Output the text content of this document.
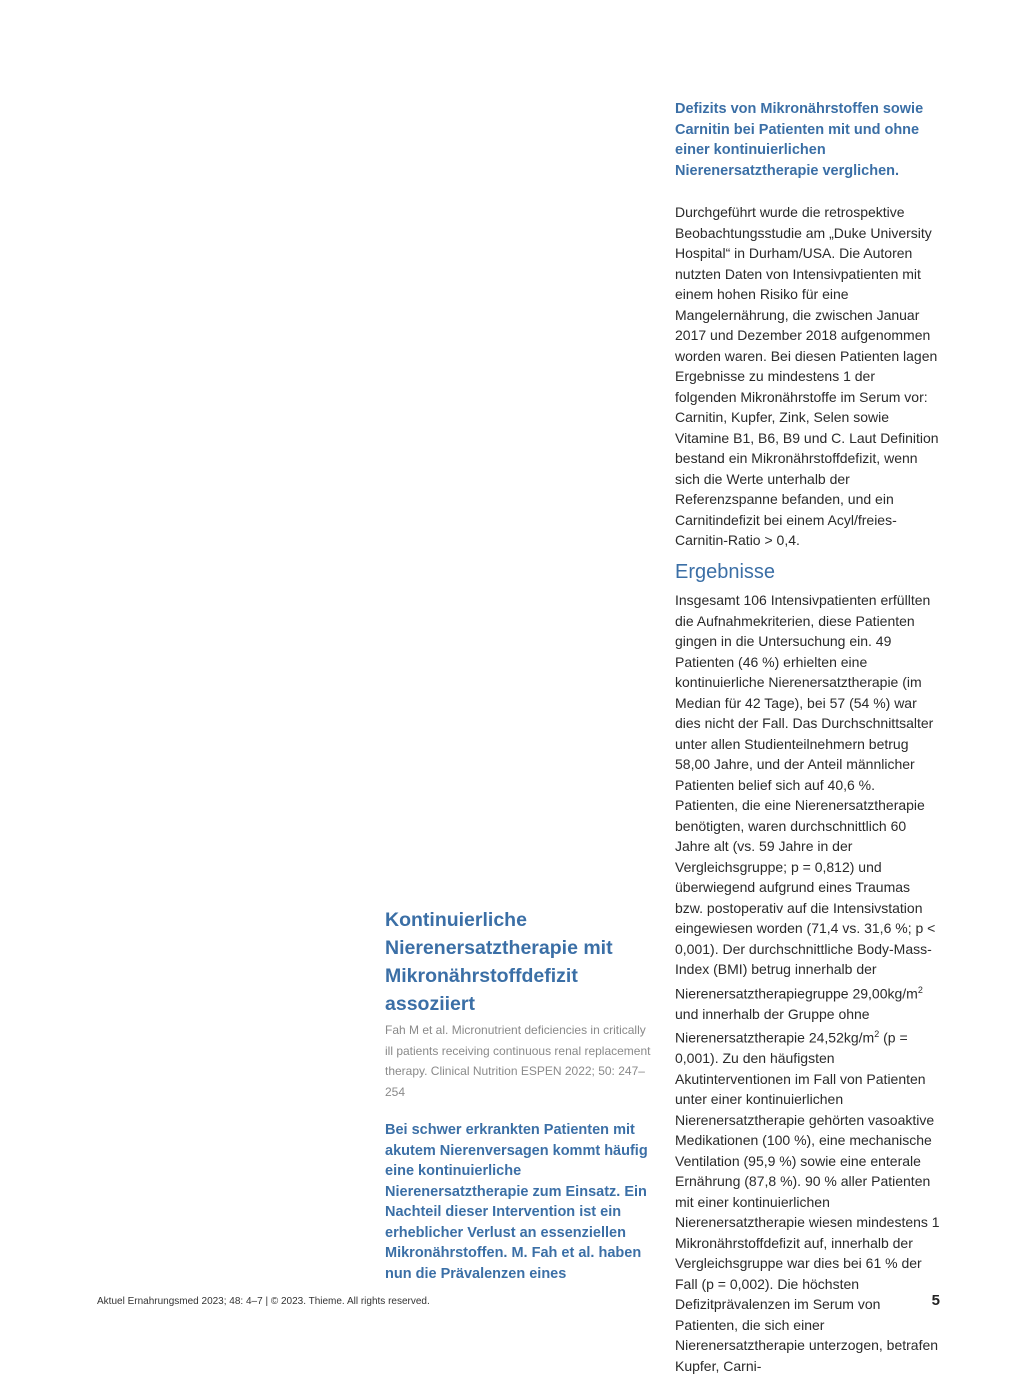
Kontinuierliche Nierenersatztherapie mit Mikronährstoffdefizit assoziiert
Fah M et al. Micronutrient deficiencies in critically ill patients receiving continuous renal replacement therapy. Clinical Nutrition ESPEN 2022; 50: 247–254
Bei schwer erkrankten Patienten mit akutem Nierenversagen kommt häufig eine kontinuierliche Nierenersatztherapie zum Einsatz. Ein Nachteil dieser Intervention ist ein erheblicher Verlust an essenziellen Mikronährstoffen. M. Fah et al. haben nun die Prävalenzen eines
Defizits von Mikronährstoffen sowie Carnitin bei Patienten mit und ohne einer kontinuierlichen Nierenersatztherapie verglichen.
Durchgeführt wurde die retrospektive Beobachtungsstudie am „Duke University Hospital“ in Durham/USA. Die Autoren nutzten Daten von Intensivpatienten mit einem hohen Risiko für eine Mangelernährung, die zwischen Januar 2017 und Dezember 2018 aufgenommen worden waren. Bei diesen Patienten lagen Ergebnisse zu mindestens 1 der folgenden Mikronährstoffe im Serum vor: Carnitin, Kupfer, Zink, Selen sowie Vitamine B1, B6, B9 und C. Laut Definition bestand ein Mikronährstoffdefizit, wenn sich die Werte unterhalb der Referenzspanne befanden, und ein Carnitindefizit bei einem Acyl/freies-Carnitin-Ratio > 0,4.
Ergebnisse
Insgesamt 106 Intensivpatienten erfüllten die Aufnahmekriterien, diese Patienten gingen in die Untersuchung ein. 49 Patienten (46 %) erhielten eine kontinuierliche Nierenersatztherapie (im Median für 42 Tage), bei 57 (54 %) war dies nicht der Fall. Das Durchschnittsalter unter allen Studienteilnehmern betrug 58,00 Jahre, und der Anteil männlicher Patienten belief sich auf 40,6 %. Patienten, die eine Nierenersatztherapie benötigten, waren durchschnittlich 60 Jahre alt (vs. 59 Jahre in der Vergleichsgruppe; p = 0,812) und überwiegend aufgrund eines Traumas bzw. postoperativ auf die Intensivstation eingewiesen worden (71,4 vs. 31,6 %; p < 0,001). Der durchschnittliche Body-Mass-Index (BMI) betrug innerhalb der Nierenersatztherapiegruppe $29,00kg/m^2$ und innerhalb der Gruppe ohne Nierenersatztherapie $24,52kg/m^2$ (p = 0,001). Zu den häufigsten Akutinterventionen im Fall von Patienten unter einer kontinuierlichen Nierenersatztherapie gehörten vasoaktive Medikationen (100 %), eine mechanische Ventilation (95,9 %) sowie eine enterale Ernährung (87,8 %). 90 % aller Patienten mit einer kontinuierlichen Nierenersatztherapie wiesen mindestens 1 Mikronährstoffdefizit auf, innerhalb der Vergleichsgruppe war dies bei 61 % der Fall (p = 0,002). Die höchsten Defizitprävalenzen im Serum von Patienten, die sich einer Nierenersatztherapie unterzogen, betrafen Kupfer, Carni-
Aktuel Ernahrungsmed 2023; 48: 4–7 | © 2023. Thieme. All rights reserved.	5
